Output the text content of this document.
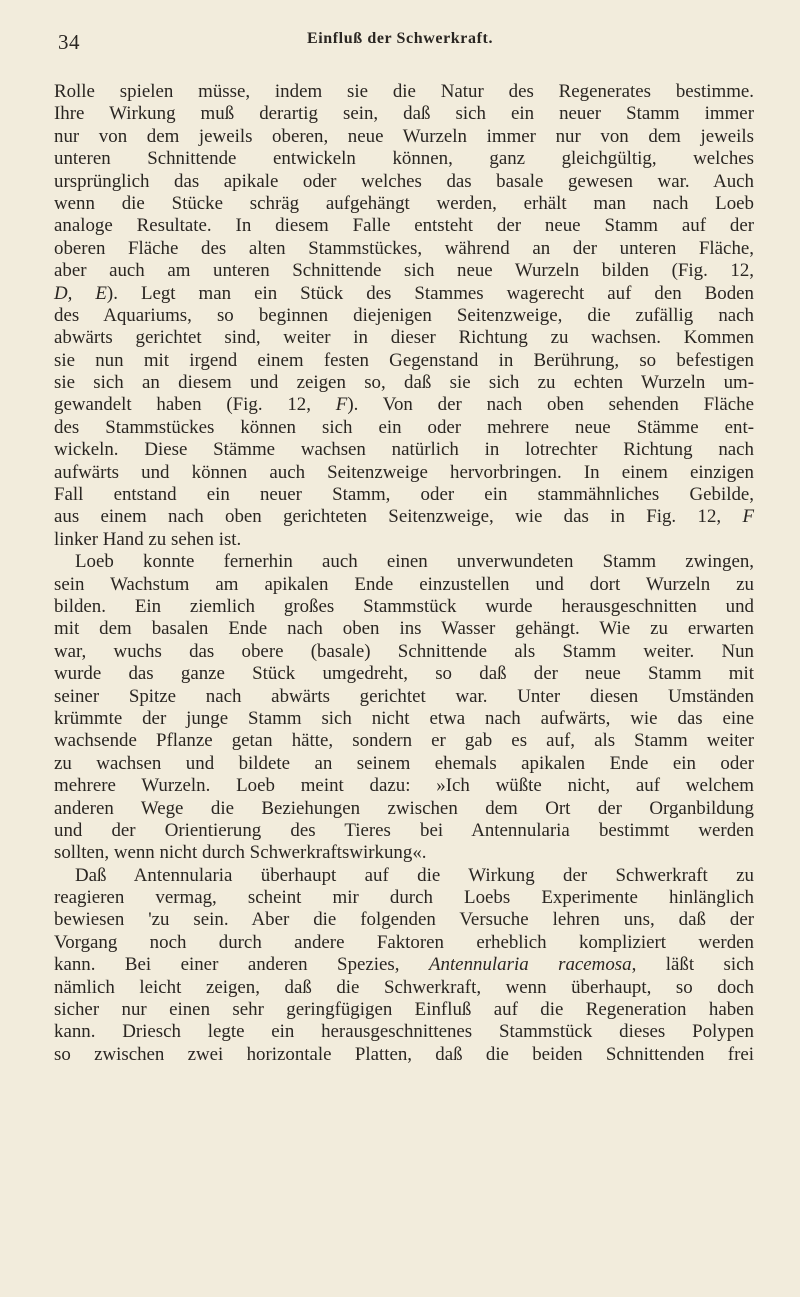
34	Einfluß der Schwerkraft.
Rolle spielen müsse, indem sie die Natur des Regenerates bestimme.
Ihre Wirkung muß derartig sein, daß sich ein neuer Stamm immer
nur von dem jeweils oberen, neue Wurzeln immer nur von dem jeweils
unteren Schnittende entwickeln können, ganz gleichgültig, welches
ursprünglich das apikale oder welches das basale gewesen war. Auch
wenn die Stücke schräg aufgehängt werden, erhält man nach Loeb
analoge Resultate. In diesem Falle entsteht der neue Stamm auf der
oberen Fläche des alten Stammstückes, während an der unteren Fläche,
aber auch am unteren Schnittende sich neue Wurzeln bilden (Fig. 12,
D, E). Legt man ein Stück des Stammes wagerecht auf den Boden
des Aquariums, so beginnen diejenigen Seitenzweige, die zufällig nach
abwärts gerichtet sind, weiter in dieser Richtung zu wachsen. Kommen
sie nun mit irgend einem festen Gegenstand in Berührung, so befestigen
sie sich an diesem und zeigen so, daß sie sich zu echten Wurzeln um-
gewandelt haben (Fig. 12, F). Von der nach oben sehenden Fläche
des Stammstückes können sich ein oder mehrere neue Stämme ent-
wickeln. Diese Stämme wachsen natürlich in lotrechter Richtung nach
aufwärts und können auch Seitenzweige hervorbringen. In einem einzigen
Fall entstand ein neuer Stamm, oder ein stammähnliches Gebilde,
aus einem nach oben gerichteten Seitenzweige, wie das in Fig. 12, F
linker Hand zu sehen ist.
Loeb konnte fernerhin auch einen unverwundeten Stamm zwingen,
sein Wachstum am apikalen Ende einzustellen und dort Wurzeln zu
bilden. Ein ziemlich großes Stammstück wurde herausgeschnitten und
mit dem basalen Ende nach oben ins Wasser gehängt. Wie zu erwarten
war, wuchs das obere (basale) Schnittende als Stamm weiter. Nun
wurde das ganze Stück umgedreht, so daß der neue Stamm mit
seiner Spitze nach abwärts gerichtet war. Unter diesen Umständen
krümmte der junge Stamm sich nicht etwa nach aufwärts, wie das eine
wachsende Pflanze getan hätte, sondern er gab es auf, als Stamm weiter
zu wachsen und bildete an seinem ehemals apikalen Ende ein oder
mehrere Wurzeln. Loeb meint dazu: »Ich wüßte nicht, auf welchem
anderen Wege die Beziehungen zwischen dem Ort der Organbildung
und der Orientierung des Tieres bei Antennularia bestimmt werden
sollten, wenn nicht durch Schwerkraftswirkung«.
Daß Antennularia überhaupt auf die Wirkung der Schwerkraft zu
reagieren vermag, scheint mir durch Loebs Experimente hinlänglich
bewiesen 'zu sein. Aber die folgenden Versuche lehren uns, daß der
Vorgang noch durch andere Faktoren erheblich kompliziert werden
kann. Bei einer anderen Spezies, Antennularia racemosa, läßt sich
nämlich leicht zeigen, daß die Schwerkraft, wenn überhaupt, so doch
sicher nur einen sehr geringfügigen Einfluß auf die Regeneration haben
kann. Driesch legte ein herausgeschnittenes Stammstück dieses Polypen
so zwischen zwei horizontale Platten, daß die beiden Schnittenden frei
